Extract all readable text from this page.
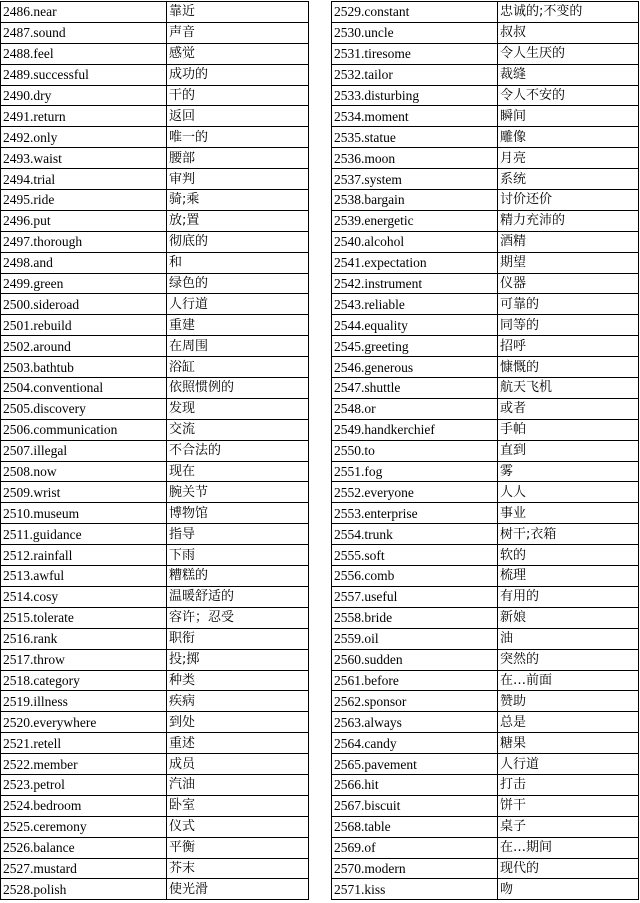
2486.near	靠近
2487.sound	声音
2488.feel	感觉
2489.successful	成功的
2490.dry	干的
2491.return	返回
2492.only	唯一的
2493.waist	腰部
2494.trial	审判
2495.ride	骑;乘
2496.put	放;置
2497.thorough	彻底的
2498.and	和
2499.green	绿色的
2500.sideroad	人行道
2501.rebuild	重建
2502.around	在周围
2503.bathtub	浴缸
2504.conventional	依照惯例的
2505.discovery	发现
2506.communication	交流
2507.illegal	不合法的
2508.now	现在
2509.wrist	腕关节
2510.museum	博物馆
2511.guidance	指导
2512.rainfall	下雨
2513.awful	糟糕的
2514.cosy	温暖舒适的
2515.tolerate	容许；忍受
2516.rank	职衔
2517.throw	投;掷
2518.category	种类
2519.illness	疾病
2520.everywhere	到处
2521.retell	重述
2522.member	成员
2523.petrol	汽油
2524.bedroom	卧室
2525.ceremony	仪式
2526.balance	平衡
2527.mustard	芥末
2528.polish	使光滑
2529.constant	忠诚的;不变的
2530.uncle	叔叔
2531.tiresome	令人生厌的
2532.tailor	裁缝
2533.disturbing	令人不安的
2534.moment	瞬间
2535.statue	雕像
2536.moon	月亮
2537.system	系统
2538.bargain	讨价还价
2539.energetic	精力充沛的
2540.alcohol	酒精
2541.expectation	期望
2542.instrument	仪器
2543.reliable	可靠的
2544.equality	同等的
2545.greeting	招呼
2546.generous	慷慨的
2547.shuttle	航天飞机
2548.or	或者
2549.handkerchief	手帕
2550.to	直到
2551.fog	雾
2552.everyone	人人
2553.enterprise	事业
2554.trunk	树干;衣箱
2555.soft	软的
2556.comb	梳理
2557.useful	有用的
2558.bride	新娘
2559.oil	油
2560.sudden	突然的
2561.before	在…前面
2562.sponsor	赞助
2563.always	总是
2564.candy	糖果
2565.pavement	人行道
2566.hit	打击
2567.biscuit	饼干
2568.table	桌子
2569.of	在…期间
2570.modern	现代的
2571.kiss	吻
